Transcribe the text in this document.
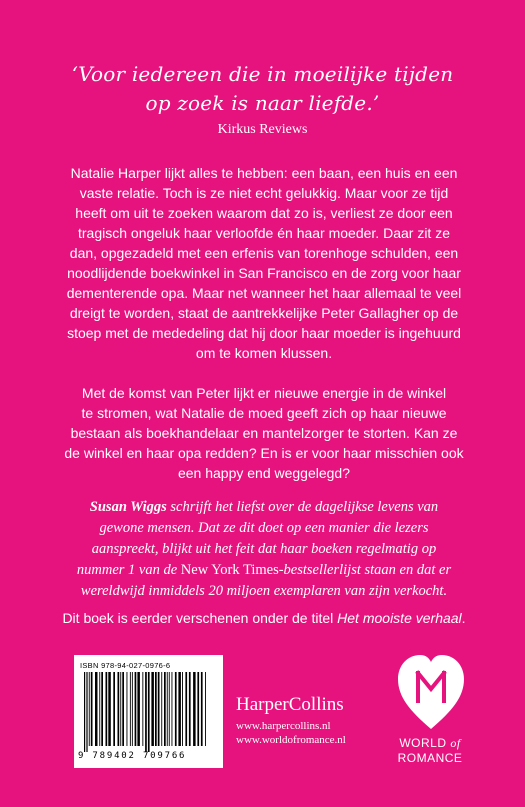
‘Voor iedereen die in moeilijke tijden
op zoek is naar liefde.’
Kirkus Reviews
Natalie Harper lijkt alles te hebben: een baan, een huis en een
vaste relatie. Toch is ze niet echt gelukkig. Maar voor ze tijd
heeft om uit te zoeken waarom dat zo is, verliest ze door een
tragisch ongeluk haar verloofde én haar moeder. Daar zit ze
dan, opgezadeld met een erfenis van torenhoge schulden, een
noodlijdende boekwinkel in San Francisco en de zorg voor haar
dementerende opa. Maar net wanneer het haar allemaal te veel
dreigt te worden, staat de aantrekkelijke Peter Gallagher op de
stoep met de mededeling dat hij door haar moeder is ingehuurd
om te komen klussen.
Met de komst van Peter lijkt er nieuwe energie in de winkel
te stromen, wat Natalie de moed geeft zich op haar nieuwe
bestaan als boekhandelaar en mantelzorger te storten. Kan ze
de winkel en haar opa redden? En is er voor haar misschien ook
een happy end weggelegd?
Susan Wiggs schrijft het liefst over de dagelijkse levens van
gewone mensen. Dat ze dit doet op een manier die lezers
aanspreekt, blijkt uit het feit dat haar boeken regelmatig op
nummer 1 van de New York Times-bestsellerlijst staan en dat er
wereldwijd inmiddels 20 miljoen exemplaren van zijn verkocht.
Dit boek is eerder verschenen onder de titel Het mooiste verhaal.
ISBN 978-94-027-0976-6
9 789402 709766
HarperCollins
www.harpercollins.nl
www.worldofromance.nl	WORLD of
ROMANCE
